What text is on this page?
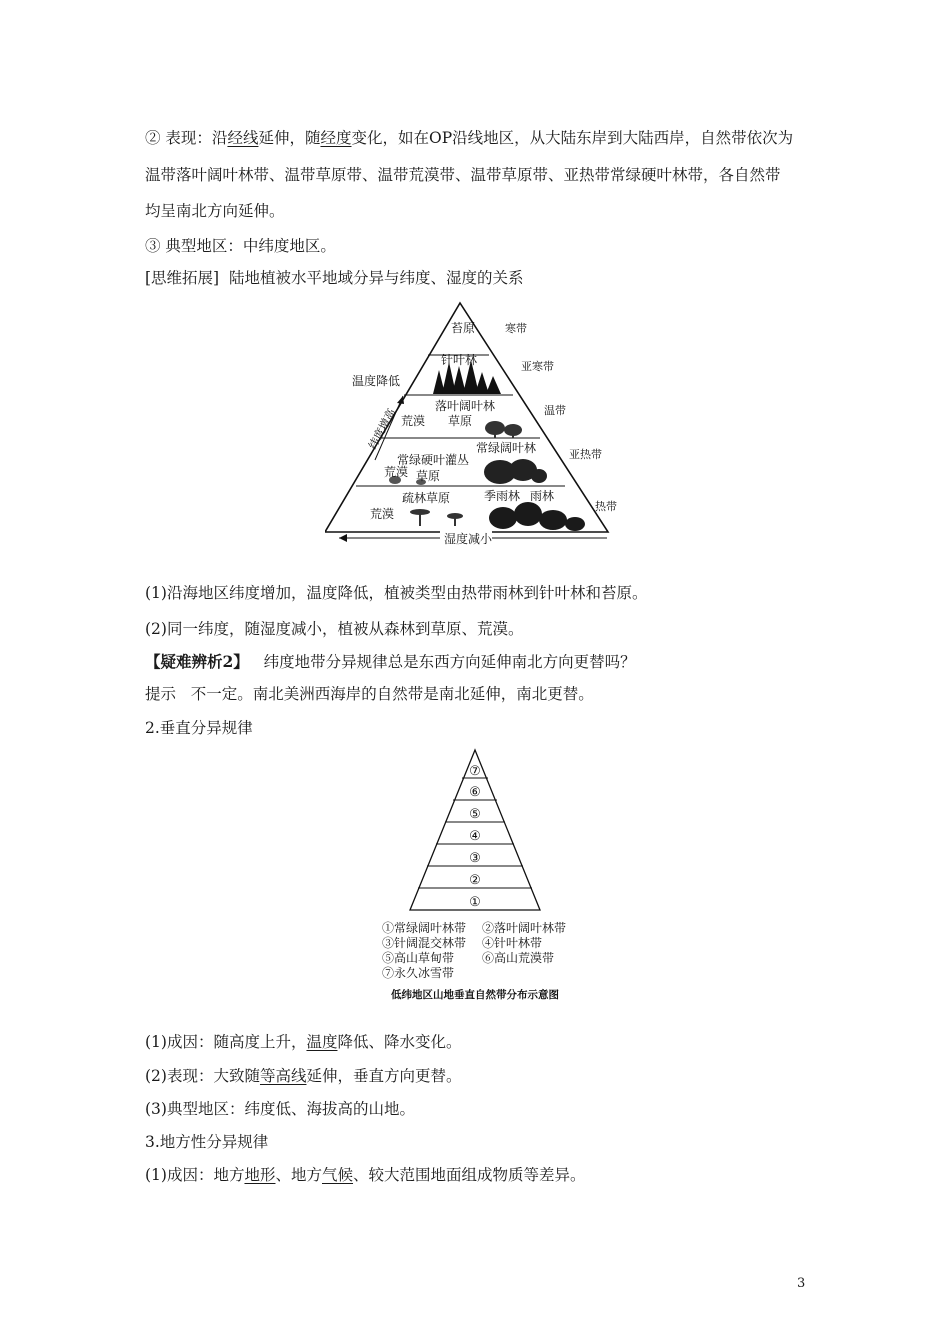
② 表现：沿经线延伸，随经度变化，如在OP沿线地区，从大陆东岸到大陆西岸，自然带依次为
温带落叶阔叶林带、温带草原带、温带荒漠带、温带草原带、亚热带常绿硬叶林带，各自然带
均呈南北方向延伸。
③ 典型地区：中纬度地区。
[思维拓展] 陆地植被水平地域分异与纬度、湿度的关系
苔原
针叶林
落叶阔叶林
荒漠 草原
常绿阔叶林
常绿硬叶灌丛
荒漠 草原
疏林草原	季雨林 雨林
荒漠
寒带
亚寒带
温带
亚热带
热带
温度降低
纬度增高
湿度减小
(1)沿海地区纬度增加，温度降低，植被类型由热带雨林到针叶林和苔原。
(2)同一纬度，随湿度减小，植被从森林到草原、荒漠。
【疑难辨析2】 纬度地带分异规律总是东西方向延伸南北方向更替吗？
提示 不一定。南北美洲西海岸的自然带是南北延伸，南北更替。
2.垂直分异规律
⑦
⑥
⑤
④
③
②
①
①常绿阔叶林带 ②落叶阔叶林带
③针阔混交林带 ④针叶林带
⑤高山草甸带 ⑥高山荒漠带
⑦永久冰雪带
低纬地区山地垂直自然带分布示意图
(1)成因：随高度上升，温度降低、降水变化。
(2)表现：大致随等高线延伸，垂直方向更替。
(3)典型地区：纬度低、海拔高的山地。
3.地方性分异规律
(1)成因：地方地形、地方气候、较大范围地面组成物质等差异。
3
